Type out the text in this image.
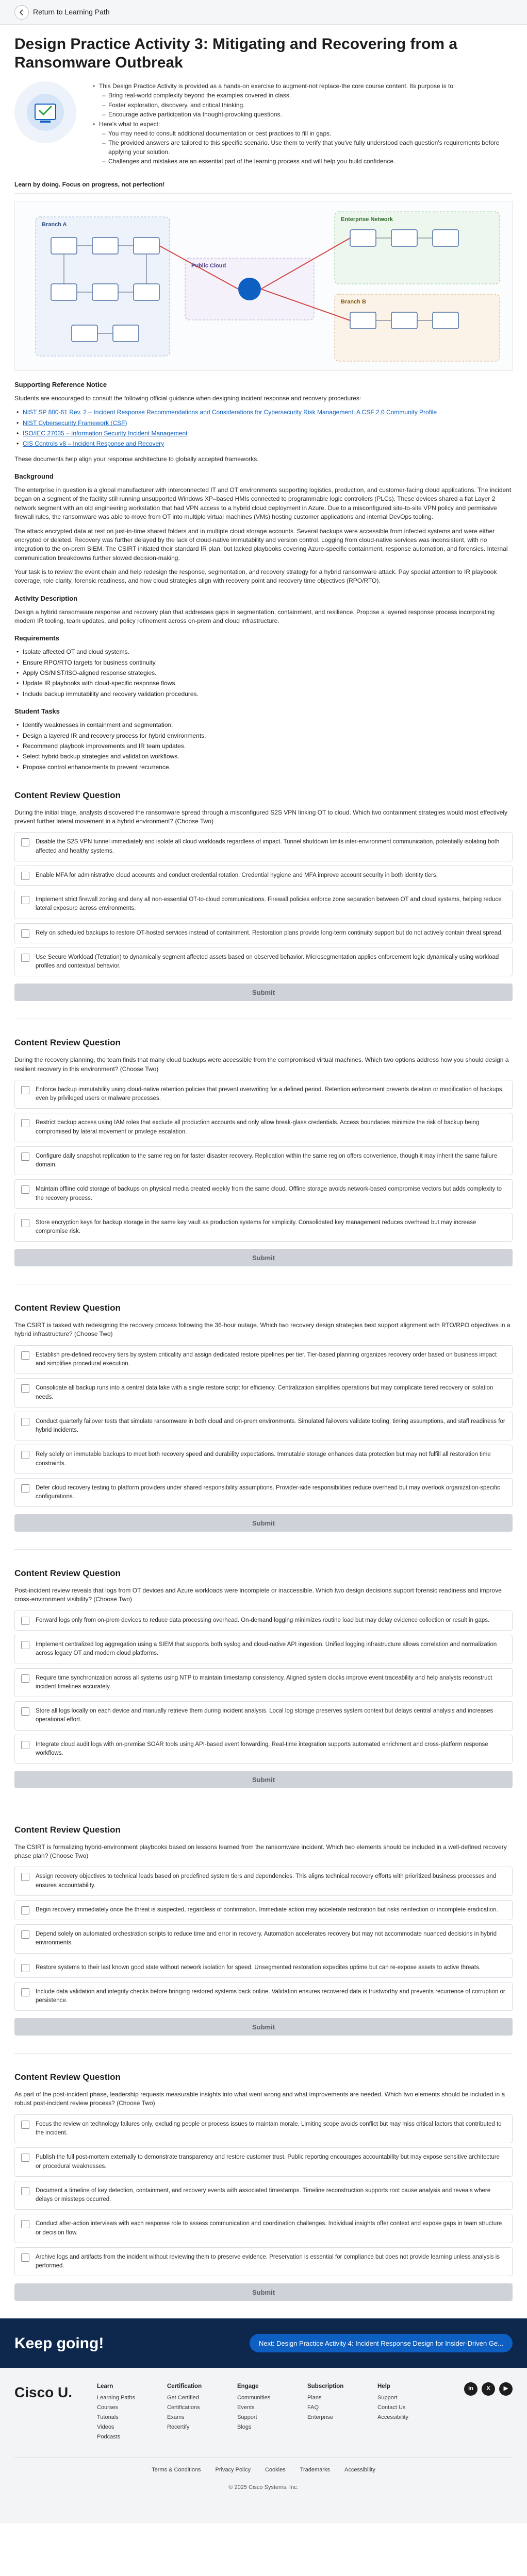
Return to Learning Path
Design Practice Activity 3: Mitigating and Recovering from a Ransomware Outbreak
• This Design Practice Activity is provided as a hands-on exercise to augment-not replace-the core course content. Its purpose is to:
– Bring real-world complexity beyond the examples covered in class.
– Foster exploration, discovery, and critical thinking.
– Encourage active participation via thought-provoking questions.
• Here's what to expect:
– You may need to consult additional documentation or best practices to fill in gaps.
– The provided answers are tailored to this specific scenario. Use them to verify that you've fully understood each question's requirements before applying your solution.
– Challenges and mistakes are an essential part of the learning process and will help you build confidence.
Learn by doing. Focus on progress, not perfection!
Branch A
Public Cloud
Enterprise Network
Branch B
Supporting Reference Notice

Students are encouraged to consult the following official guidance when designing incident response and recovery procedures:

• NIST SP 800-61 Rev. 2 – Incident Response Recommendations and Considerations for Cybersecurity Risk Management: A CSF 2.0 Community Profile
• NIST Cybersecurity Framework (CSF)
• ISO/IEC 27035 – Information Security Incident Management
• CIS Controls v8 – Incident Response and Recovery

These documents help align your response architecture to globally accepted frameworks.

Background

The enterprise in question is a global manufacturer with interconnected IT and OT environments supporting logistics, production, and customer-facing cloud applications. The incident began on a segment of the facility still running unsupported Windows XP–based HMIs connected to programmable logic controllers (PLCs). These devices shared a flat Layer 2 network segment with an old engineering workstation that had VPN access to a hybrid cloud deployment in Azure. Due to a misconfigured site-to-site VPN policy and permissive firewall rules, the ransomware was able to move from OT into multiple virtual machines (VMs) hosting customer applications and internal DevOps tooling.

The attack encrypted data at rest on just-in-time shared folders and in multiple cloud storage accounts. Several backups were accessible from infected systems and were either encrypted or deleted. Recovery was further delayed by the lack of cloud-native immutability and version control. Logging from cloud-native services was inconsistent, with no integration to the on-prem SIEM. The CSIRT initiated their standard IR plan, but lacked playbooks covering Azure-specific containment, response automation, and forensics. Internal communication breakdowns further slowed decision-making.

Your task is to review the event chain and help redesign the response, segmentation, and recovery strategy for a hybrid ransomware attack. Pay special attention to IR playbook coverage, role clarity, forensic readiness, and how cloud strategies align with recovery point and recovery time objectives (RPO/RTO).

Activity Description

Design a hybrid ransomware response and recovery plan that addresses gaps in segmentation, containment, and resilience. Propose a layered response process incorporating modern IR tooling, team updates, and policy refinement across on-prem and cloud infrastructure.

Requirements
• Isolate affected OT and cloud systems.
• Ensure RPO/RTO targets for business continuity.
• Apply OS/NIST/ISO-aligned response strategies.
• Update IR playbooks with cloud-specific response flows.
• Include backup immutability and recovery validation procedures.
Student Tasks
• Identify weaknesses in containment and segmentation.
• Design a layered IR and recovery process for hybrid environments.
• Recommend playbook improvements and IR team updates.
• Select hybrid backup strategies and validation workflows.
• Propose control enhancements to prevent recurrence.
Content Review Question

During the initial triage, analysts discovered the ransomware spread through a misconfigured S2S VPN linking OT to cloud. Which two containment strategies would most effectively prevent further lateral movement in a hybrid environment? (Choose Two)

Disable the S2S VPN tunnel immediately and isolate all cloud workloads regardless of impact. Tunnel shutdown limits inter-environment communication, potentially isolating both affected and healthy systems.
Enable MFA for administrative cloud accounts and conduct credential rotation. Credential hygiene and MFA improve account security in both identity tiers.
Implement strict firewall zoning and deny all non-essential OT-to-cloud communications. Firewall policies enforce zone separation between OT and cloud systems, helping reduce lateral exposure across environments.
Rely on scheduled backups to restore OT-hosted services instead of containment. Restoration plans provide long-term continuity support but do not actively contain threat spread.
Use Secure Workload (Tetration) to dynamically segment affected assets based on observed behavior. Microsegmentation applies enforcement logic dynamically using workload profiles and contextual behavior.
Submit
Content Review Question

During the recovery planning, the team finds that many cloud backups were accessible from the compromised virtual machines. Which two options address how you should design a resilient recovery in this environment? (Choose Two)

Enforce backup immutability using cloud-native retention policies that prevent overwriting for a defined period. Retention enforcement prevents deletion or modification of backups, even by privileged users or malware processes.
Restrict backup access using IAM roles that exclude all production accounts and only allow break-glass credentials. Access boundaries minimize the risk of backup being compromised by lateral movement or privilege escalation.
Configure daily snapshot replication to the same region for faster disaster recovery. Replication within the same region offers convenience, though it may inherit the same failure domain.
Maintain offline cold storage of backups on physical media created weekly from the same cloud. Offline storage avoids network-based compromise vectors but adds complexity to the recovery process.
Store encryption keys for backup storage in the same key vault as production systems for simplicity. Consolidated key management reduces overhead but may increase compromise risk.
Submit
Content Review Question

The CSIRT is tasked with redesigning the recovery process following the 36-hour outage. Which two recovery design strategies best support alignment with RTO/RPO objectives in a hybrid infrastructure? (Choose Two)

Establish pre-defined recovery tiers by system criticality and assign dedicated restore pipelines per tier. Tier-based planning organizes recovery order based on business impact and simplifies procedural execution.
Consolidate all backup runs into a central data lake with a single restore script for efficiency. Centralization simplifies operations but may complicate tiered recovery or isolation needs.
Conduct quarterly failover tests that simulate ransomware in both cloud and on-prem environments. Simulated failovers validate tooling, timing assumptions, and staff readiness for hybrid incidents.
Rely solely on immutable backups to meet both recovery speed and durability expectations. Immutable storage enhances data protection but may not fulfill all restoration time constraints.
Defer cloud recovery testing to platform providers under shared responsibility assumptions. Provider-side responsibilities reduce overhead but may overlook organization-specific configurations.
Submit
Content Review Question

Post-incident review reveals that logs from OT devices and Azure workloads were incomplete or inaccessible. Which two design decisions support forensic readiness and improve cross-environment visibility? (Choose Two)

Forward logs only from on-prem devices to reduce data processing overhead. On-demand logging minimizes routine load but may delay evidence collection or result in gaps.
Implement centralized log aggregation using a SIEM that supports both syslog and cloud-native API ingestion. Unified logging infrastructure allows correlation and normalization across legacy OT and modern cloud platforms.
Require time synchronization across all systems using NTP to maintain timestamp consistency. Aligned system clocks improve event traceability and help analysts reconstruct incident timelines accurately.
Store all logs locally on each device and manually retrieve them during incident analysis. Local log storage preserves system context but delays central analysis and increases operational effort.
Integrate cloud audit logs with on-premise SOAR tools using API-based event forwarding. Real-time integration supports automated enrichment and cross-platform response workflows.
Submit
Content Review Question

The CSIRT is formalizing hybrid-environment playbooks based on lessons learned from the ransomware incident. Which two elements should be included in a well-defined recovery phase plan? (Choose Two)

Assign recovery objectives to technical leads based on predefined system tiers and dependencies. This aligns technical recovery efforts with prioritized business processes and ensures accountability.
Begin recovery immediately once the threat is suspected, regardless of confirmation. Immediate action may accelerate restoration but risks reinfection or incomplete eradication.
Depend solely on automated orchestration scripts to reduce time and error in recovery. Automation accelerates recovery but may not accommodate nuanced decisions in hybrid environments.
Restore systems to their last known good state without network isolation for speed. Unsegmented restoration expedites uptime but can re-expose assets to active threats.
Include data validation and integrity checks before bringing restored systems back online. Validation ensures recovered data is trustworthy and prevents recurrence of corruption or persistence.
Submit
Content Review Question

As part of the post-incident phase, leadership requests measurable insights into what went wrong and what improvements are needed. Which two elements should be included in a robust post-incident review process? (Choose Two)

Focus the review on technology failures only, excluding people or process issues to maintain morale. Limiting scope avoids conflict but may miss critical factors that contributed to the incident.
Publish the full post-mortem externally to demonstrate transparency and restore customer trust. Public reporting encourages accountability but may expose sensitive architecture or procedural weaknesses.
Document a timeline of key detection, containment, and recovery events with associated timestamps. Timeline reconstruction supports root cause analysis and reveals where delays or missteps occurred.
Conduct after-action interviews with each response role to assess communication and coordination challenges. Individual insights offer context and expose gaps in team structure or decision flow.
Archive logs and artifacts from the incident without reviewing them to preserve evidence. Preservation is essential for compliance but does not provide learning unless analysis is performed.
Submit
Keep going!	Next: Design Practice Activity 4: Incident Response Design for Insider-Driven Ge...
Cisco U.	Learn
Learning Paths
Courses
Tutorials
Videos
Podcasts
Certification
Get Certified
Certifications
Exams
Recertify
Engage
Communities
Events
Support
Blogs
Subscription
Plans
FAQ
Enterprise
Help
Support
Contact Us
Accessibility
in	X	▶
Terms & Conditions	Privacy Policy	Cookies	Trademarks	Accessibility
© 2025 Cisco Systems, Inc.
